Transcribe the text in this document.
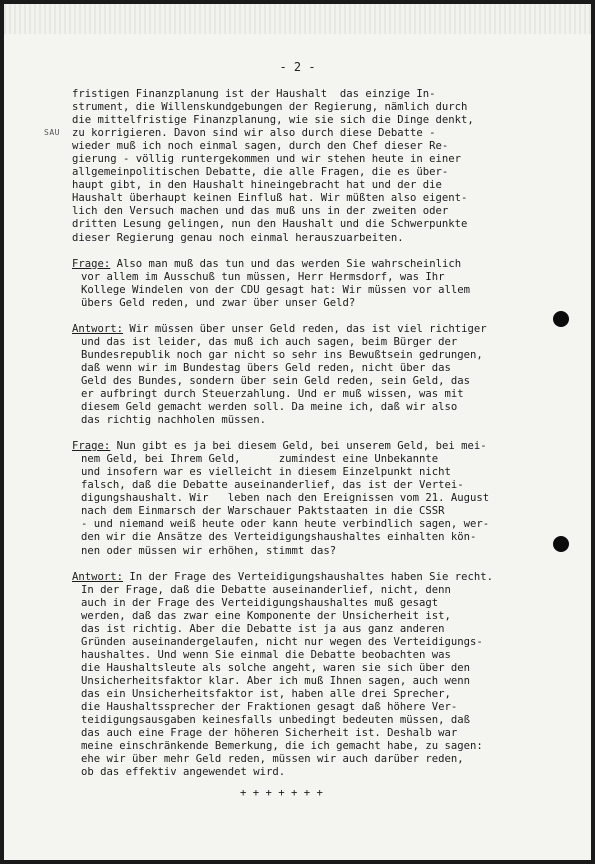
- 2 -
SAU
fristigen Finanzplanung ist der Haushalt  das einzige In-
strument, die Willenskundgebungen der Regierung, nämlich durch
die mittelfristige Finanzplanung, wie sie sich die Dinge denkt,
zu korrigieren. Davon sind wir also durch diese Debatte -
wieder muß ich noch einmal sagen, durch den Chef dieser Re-
gierung - völlig runtergekommen und wir stehen heute in einer
allgemeinpolitischen Debatte, die alle Fragen, die es über-
haupt gibt, in den Haushalt hineingebracht hat und der die
Haushalt überhaupt keinen Einfluß hat. Wir müßten also eigent-
lich den Versuch machen und das muß uns in der zweiten oder
dritten Lesung gelingen, nun den Haushalt und die Schwerpunkte
dieser Regierung genau noch einmal herauszuarbeiten.
Frage: Also man muß das tun und das werden Sie wahrscheinlich
vor allem im Ausschuß tun müssen, Herr Hermsdorf, was Ihr
Kollege Windelen von der CDU gesagt hat: Wir müssen vor allem
übers Geld reden, und zwar über unser Geld?
Antwort: Wir müssen über unser Geld reden, das ist viel richtiger
und das ist leider, das muß ich auch sagen, beim Bürger der
Bundesrepublik noch gar nicht so sehr ins Bewußtsein gedrungen,
daß wenn wir im Bundestag übers Geld reden, nicht über das
Geld des Bundes, sondern über sein Geld reden, sein Geld, das
er aufbringt durch Steuerzahlung. Und er muß wissen, was mit
diesem Geld gemacht werden soll. Da meine ich, daß wir also
das richtig nachholen müssen.
Frage: Nun gibt es ja bei diesem Geld, bei unserem Geld, bei mei-
nem Geld, bei Ihrem Geld,      zumindest eine Unbekannte
und insofern war es vielleicht in diesem Einzelpunkt nicht
falsch, daß die Debatte auseinanderlief, das ist der Vertei-
digungshaushalt. Wir   leben nach den Ereignissen vom 21. August
nach dem Einmarsch der Warschauer Paktstaaten in die CSSR
- und niemand weiß heute oder kann heute verbindlich sagen, wer-
den wir die Ansätze des Verteidigungshaushaltes einhalten kön-
nen oder müssen wir erhöhen, stimmt das?
Antwort: In der Frage des Verteidigungshaushaltes haben Sie recht.
In der Frage, daß die Debatte auseinanderlief, nicht, denn
auch in der Frage des Verteidigungshaushaltes muß gesagt
werden, daß das zwar eine Komponente der Unsicherheit ist,
das ist richtig. Aber die Debatte ist ja aus ganz anderen
Gründen auseinandergelaufen, nicht nur wegen des Verteidigungs-
haushaltes. Und wenn Sie einmal die Debatte beobachten was
die Haushaltsleute als solche angeht, waren sie sich über den
Unsicherheitsfaktor klar. Aber ich muß Ihnen sagen, auch wenn
das ein Unsicherheitsfaktor ist, haben alle drei Sprecher,
die Haushaltssprecher der Fraktionen gesagt daß höhere Ver-
teidigungsausgaben keinesfalls unbedingt bedeuten müssen, daß
das auch eine Frage der höheren Sicherheit ist. Deshalb war
meine einschränkende Bemerkung, die ich gemacht habe, zu sagen:
ehe wir über mehr Geld reden, müssen wir auch darüber reden,
ob das effektiv angewendet wird.
+ + + + + + +
